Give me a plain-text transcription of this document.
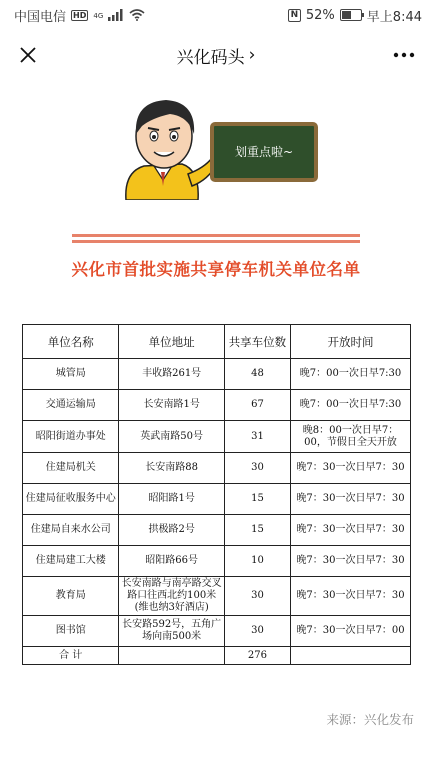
中国电信 HD 4G	N 52% 早上8:44
兴化码头 ›
划重点啦~
兴化市首批实施共享停车机关单位名单
单位名称	单位地址	共享车位数	开放时间
城管局	丰收路261号	48	晚7：00一次日早7:30
交通运输局	长安南路1号	67	晚7：00一次日早7:30
昭阳街道办事处	英武南路50号	31	晚8：00一次日早7：00，节假日全天开放
住建局机关	长安南路88	30	晚7：30一次日早7：30
住建局征收服务中心	昭阳路1号	15	晚7：30一次日早7：30
住建局自来水公司	拱极路2号	15	晚7：30一次日早7：30
住建局建工大楼	昭阳路66号	10	晚7：30一次日早7：30
教育局	长安南路与南亭路交叉路口往西北约100米(维也纳3好酒店)	30	晚7：30一次日早7：30
图书馆	长安路592号，五角广场向南500米	30	晚7：30一次日早7：00
合 计		276	
来源：兴化发布
